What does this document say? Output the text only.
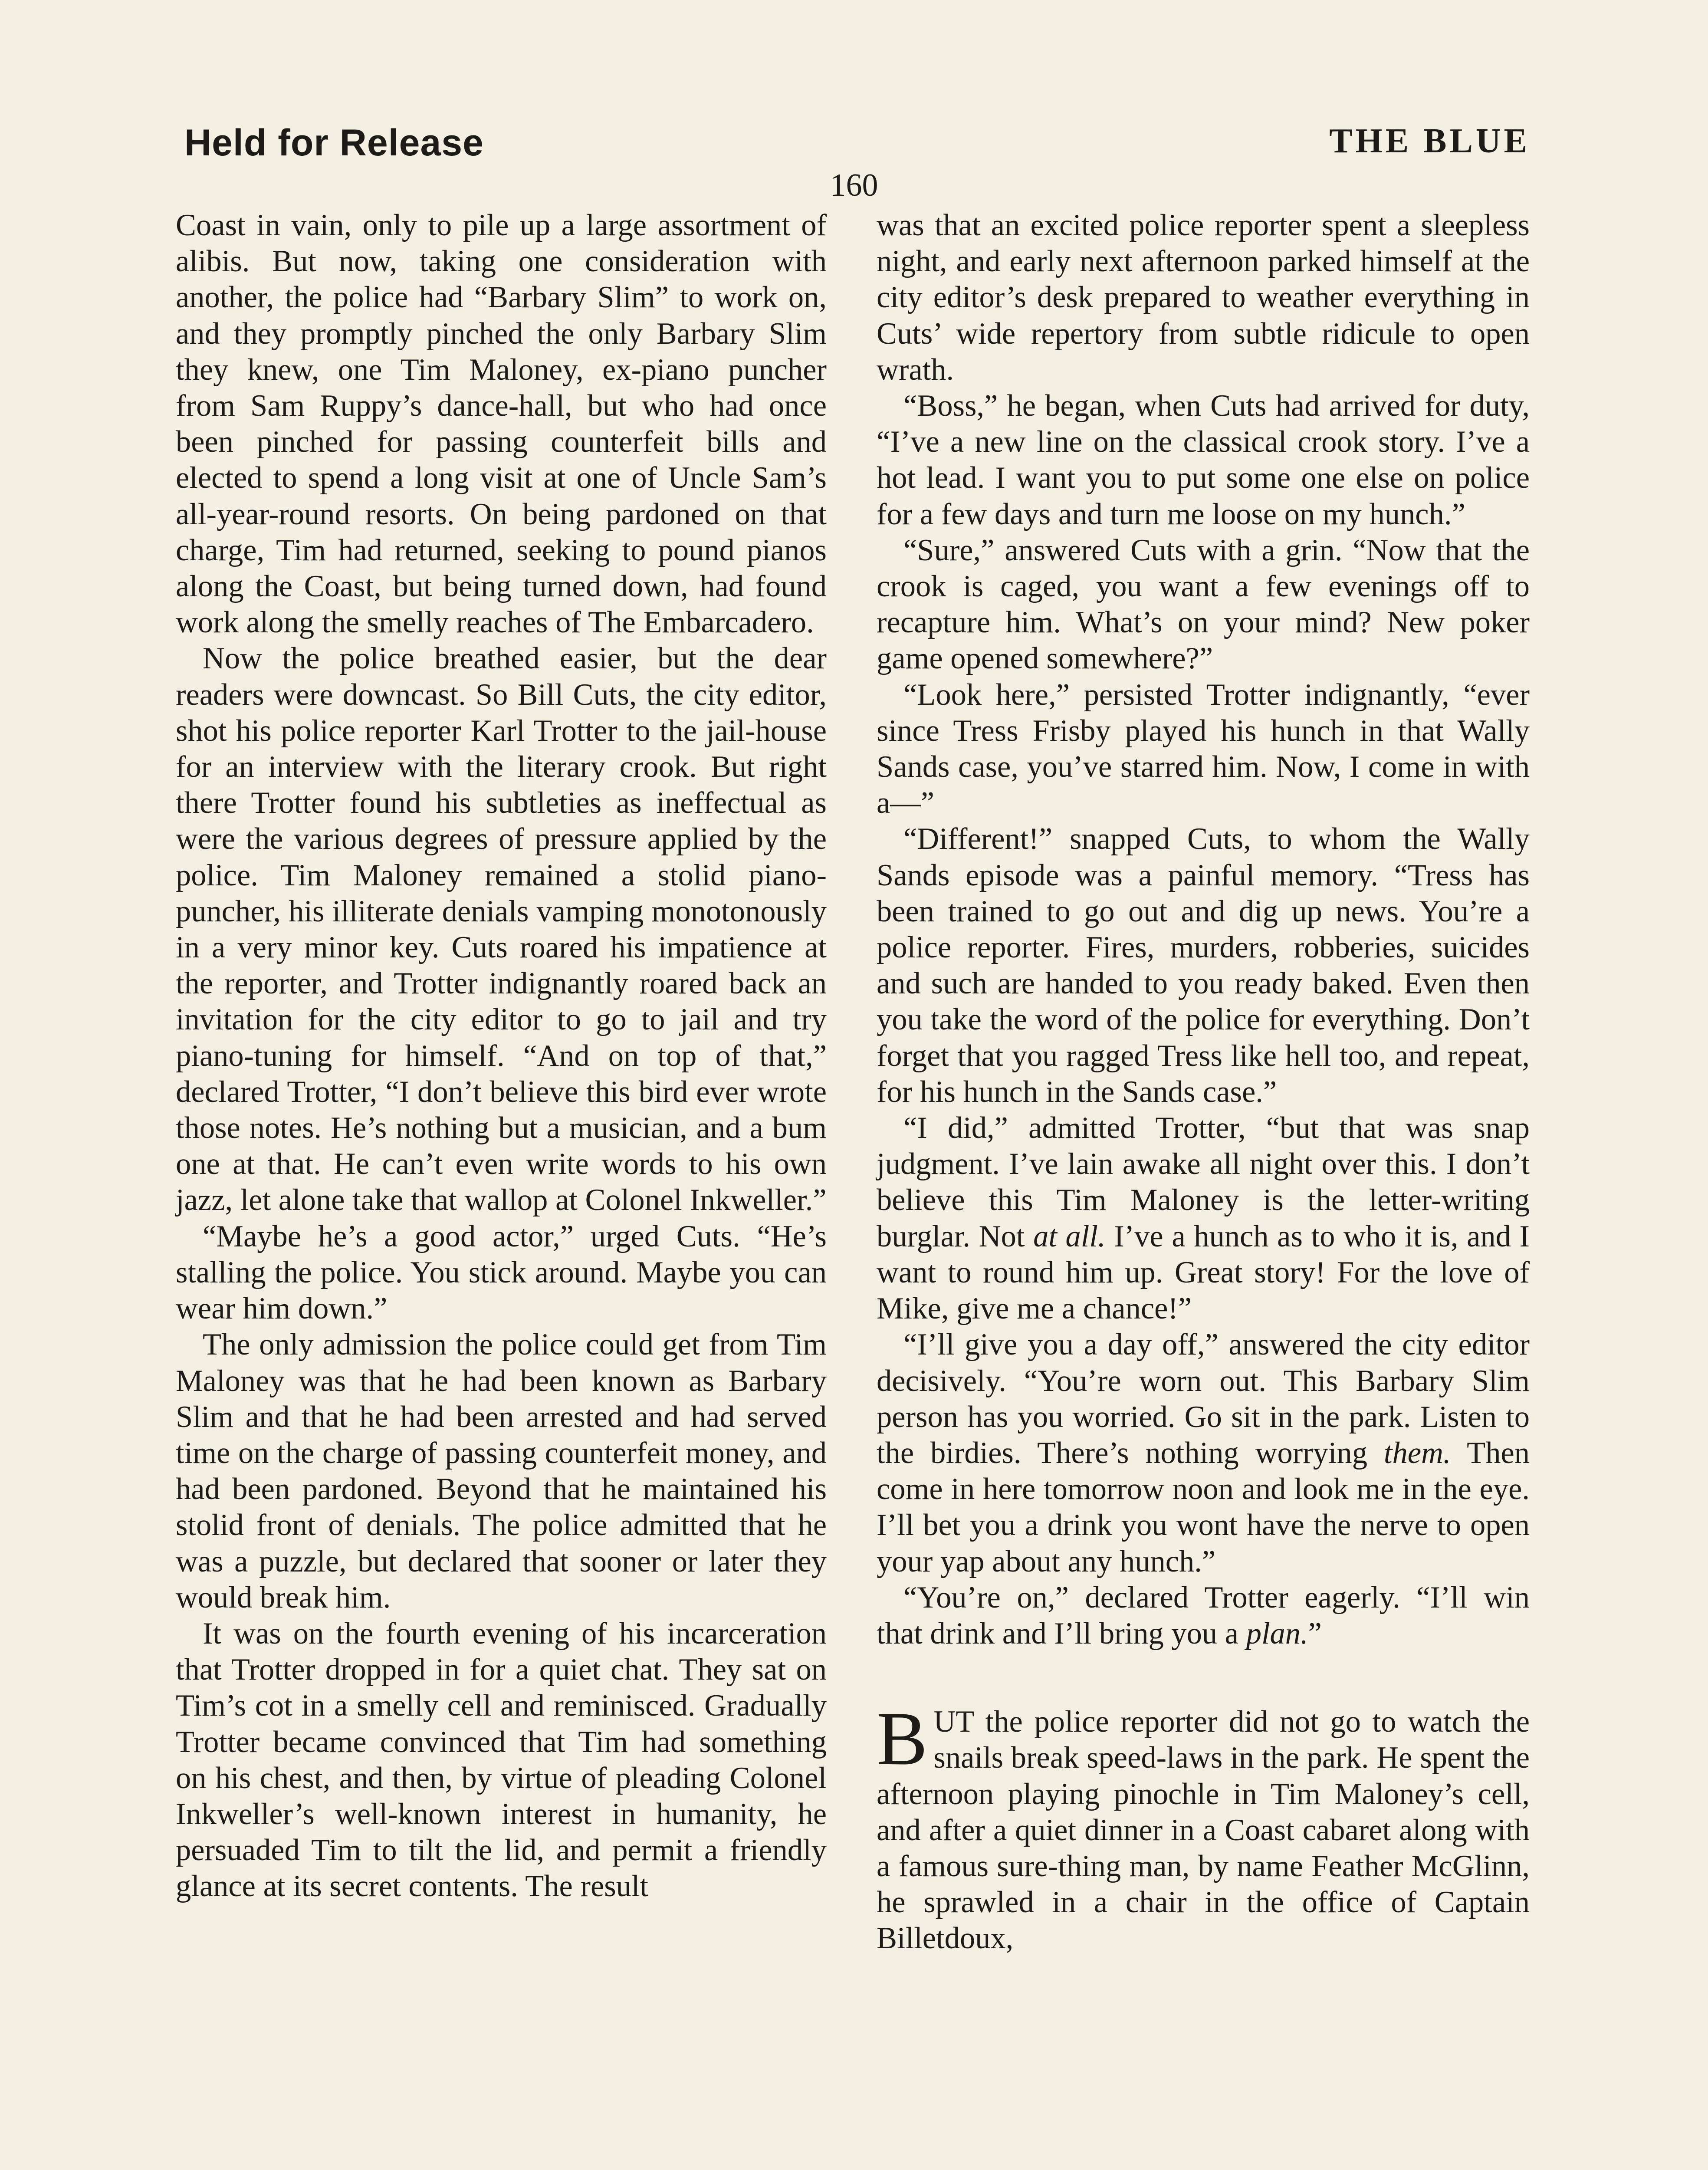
Held for Release	THE BLUE
160

Coast in vain, only to pile up a large assortment of alibis. But now, taking one consideration with another, the police had “Barbary Slim” to work on, and they promptly pinched the only Barbary Slim they knew, one Tim Maloney, ex-piano puncher from Sam Ruppy’s dance-hall, but who had once been pinched for passing counterfeit bills and elected to spend a long visit at one of Uncle Sam’s all-year-round resorts. On being pardoned on that charge, Tim had returned, seeking to pound pianos along the Coast, but being turned down, had found work along the smelly reaches of The Embarcadero.

Now the police breathed easier, but the dear readers were downcast. So Bill Cuts, the city editor, shot his police reporter Karl Trotter to the jail-house for an interview with the literary crook. But right there Trotter found his subtleties as ineffectual as were the various degrees of pressure applied by the police. Tim Maloney remained a stolid piano-puncher, his illiterate denials vamping monotonously in a very minor key. Cuts roared his impatience at the reporter, and Trotter indignantly roared back an invitation for the city editor to go to jail and try piano-tuning for himself. “And on top of that,” declared Trotter, “I don’t believe this bird ever wrote those notes. He’s nothing but a musician, and a bum one at that. He can’t even write words to his own jazz, let alone take that wallop at Colonel Inkweller.”

“Maybe he’s a good actor,” urged Cuts. “He’s stalling the police. You stick around. Maybe you can wear him down.”

The only admission the police could get from Tim Maloney was that he had been known as Barbary Slim and that he had been arrested and had served time on the charge of passing counterfeit money, and had been pardoned. Beyond that he maintained his stolid front of denials. The police admitted that he was a puzzle, but declared that sooner or later they would break him.

It was on the fourth evening of his incarceration that Trotter dropped in for a quiet chat. They sat on Tim’s cot in a smelly cell and reminisced. Gradually Trotter became convinced that Tim had something on his chest, and then, by virtue of pleading Colonel Inkweller’s well-known interest in humanity, he persuaded Tim to tilt the lid, and permit a friendly glance at its secret contents. The result

was that an excited police reporter spent a sleepless night, and early next afternoon parked himself at the city editor’s desk prepared to weather everything in Cuts’ wide repertory from subtle ridicule to open wrath.

“Boss,” he began, when Cuts had arrived for duty, “I’ve a new line on the classical crook story. I’ve a hot lead. I want you to put some one else on police for a few days and turn me loose on my hunch.”

“Sure,” answered Cuts with a grin. “Now that the crook is caged, you want a few evenings off to recapture him. What’s on your mind? New poker game opened somewhere?”

“Look here,” persisted Trotter indignantly, “ever since Tress Frisby played his hunch in that Wally Sands case, you’ve starred him. Now, I come in with a—”

“Different!” snapped Cuts, to whom the Wally Sands episode was a painful memory. “Tress has been trained to go out and dig up news. You’re a police reporter. Fires, murders, robberies, suicides and such are handed to you ready baked. Even then you take the word of the police for everything. Don’t forget that you ragged Tress like hell too, and repeat, for his hunch in the Sands case.”

“I did,” admitted Trotter, “but that was snap judgment. I’ve lain awake all night over this. I don’t believe this Tim Maloney is the letter-writing burglar. Not at all. I’ve a hunch as to who it is, and I want to round him up. Great story! For the love of Mike, give me a chance!”

“I’ll give you a day off,” answered the city editor decisively. “You’re worn out. This Barbary Slim person has you worried. Go sit in the park. Listen to the birdies. There’s nothing worrying them. Then come in here tomorrow noon and look me in the eye. I’ll bet you a drink you wont have the nerve to open your yap about any hunch.”

“You’re on,” declared Trotter eagerly. “I’ll win that drink and I’ll bring you a plan.”

BUT the police reporter did not go to watch the snails break speed-laws in the park. He spent the afternoon playing pinochle in Tim Maloney’s cell, and after a quiet dinner in a Coast cabaret along with a famous sure-thing man, by name Feather McGlinn, he sprawled in a chair in the office of Captain Billetdoux,
